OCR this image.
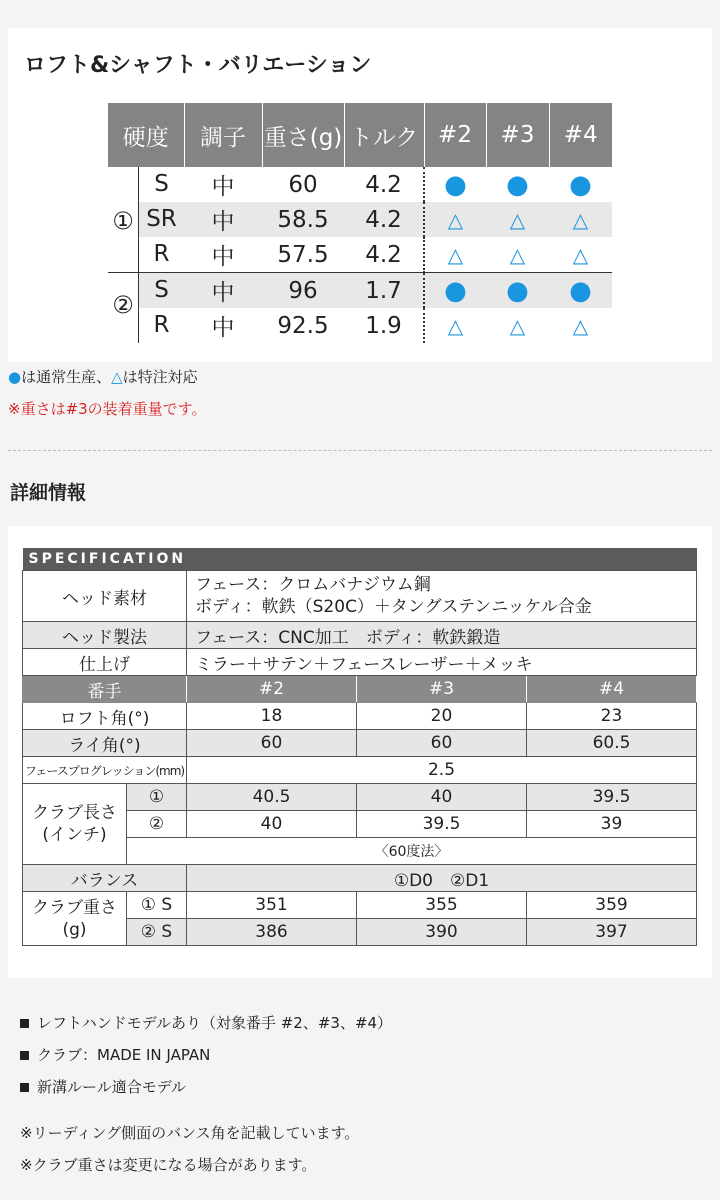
ロフト&シャフト・バリエーション
硬度	調子	重さ(g)	トルク	#2	#3	#4

①
S	中	60	4.2	●	●	●

SR	中	58.5	4.2	△	△	△

R	中	57.5	4.2	△	△	△

②
S	中	96	1.7	●	●	●

R	中	92.5	1.9	△	△	△
●は通常生産、△は特注対応
※重さは#3の装着重量です。
詳細情報
SPECIFICATION				
ヘッド素材		フェース：クロムバナジウム鋼
ボディ：軟鉄（S20C）＋タングステンニッケル合金		

ヘッド製法		フェース：CNC加工　ボディ：軟鉄鍛造		
仕上げ		ミラー＋サテン＋フェースレーザー＋メッキ		
番手		#2	#3	#4
ロフト角(°)		18	20	23
ライ角(°)		60	60	60.5
フェースプログレッション(mm)		2.5		

クラブ長さ
(インチ)	①	40.5	40	39.5
	②	40	39.5	39
	〈60度法〉			
バランス		①D0　②D1		

クラブ重さ
(g)	① S	351	355	359
	② S	386	390	397
レフトハンドモデルあり（対象番手 #2、#3、#4）
クラブ：MADE IN JAPAN
新溝ルール適合モデル
※リーディング側面のバンス角を記載しています。
※クラブ重さは変更になる場合があります。
